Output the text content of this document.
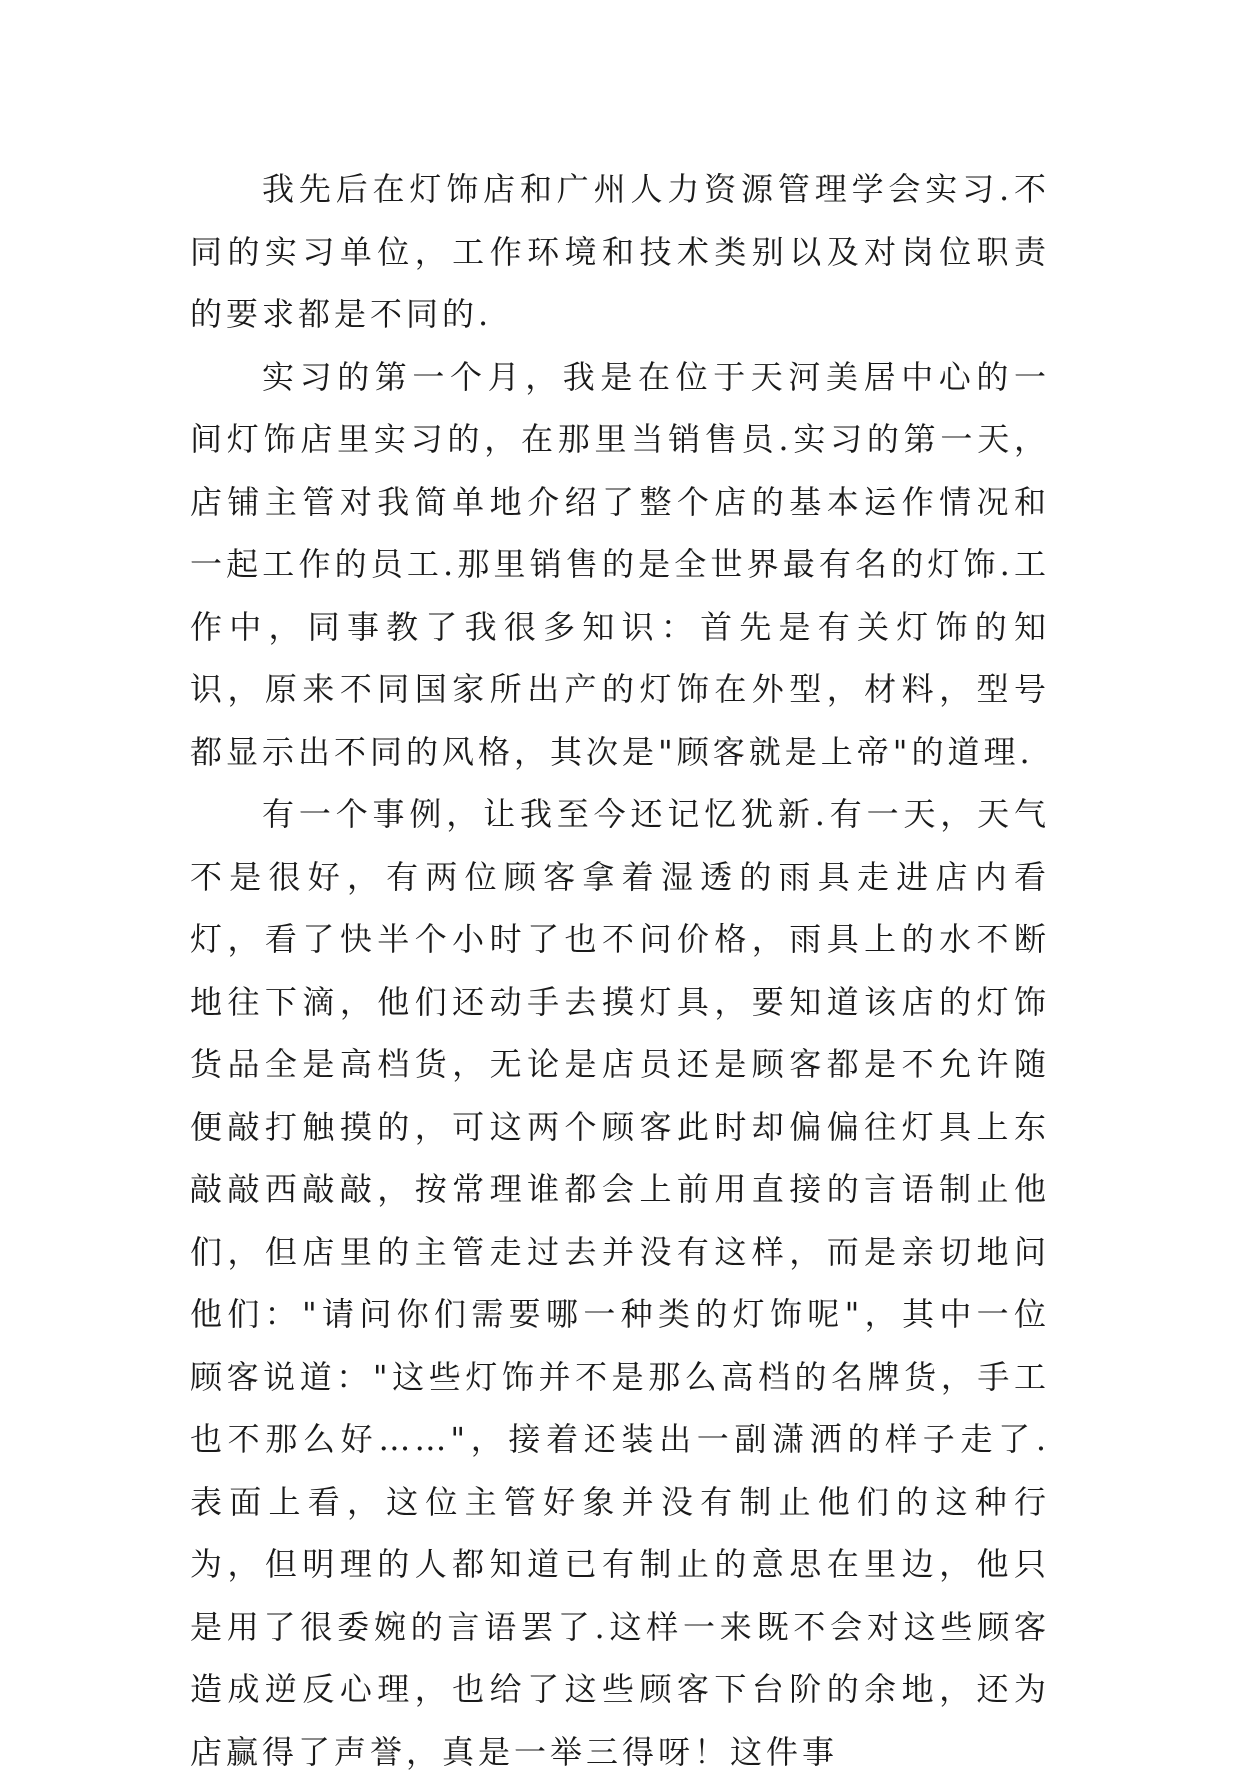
我先后在灯饰店和广州人力资源管理学会实习.不同的实习单位，工作环境和技术类别以及对岗位职责的要求都是不同的.

实习的第一个月，我是在位于天河美居中心的一间灯饰店里实习的，在那里当销售员.实习的第一天，店铺主管对我简单地介绍了整个店的基本运作情况和一起工作的员工.那里销售的是全世界最有名的灯饰.工作中，同事教了我很多知识：首先是有关灯饰的知识，原来不同国家所出产的灯饰在外型，材料，型号都显示出不同的风格，其次是"顾客就是上帝"的道理.

有一个事例，让我至今还记忆犹新.有一天，天气不是很好，有两位顾客拿着湿透的雨具走进店内看灯，看了快半个小时了也不问价格，雨具上的水不断地往下滴，他们还动手去摸灯具，要知道该店的灯饰货品全是高档货，无论是店员还是顾客都是不允许随便敲打触摸的，可这两个顾客此时却偏偏往灯具上东敲敲西敲敲，按常理谁都会上前用直接的言语制止他们，但店里的主管走过去并没有这样，而是亲切地问他们："请问你们需要哪一种类的灯饰呢"，其中一位顾客说道："这些灯饰并不是那么高档的名牌货，手工也不那么好……"，接着还装出一副潇洒的样子走了.表面上看，这位主管好象并没有制止他们的这种行为，但明理的人都知道已有制止的意思在里边，他只是用了很委婉的言语罢了.这样一来既不会对这些顾客造成逆反心理，也给了这些顾客下台阶的余地，还为店赢得了声誉，真是一举三得呀！这件事
